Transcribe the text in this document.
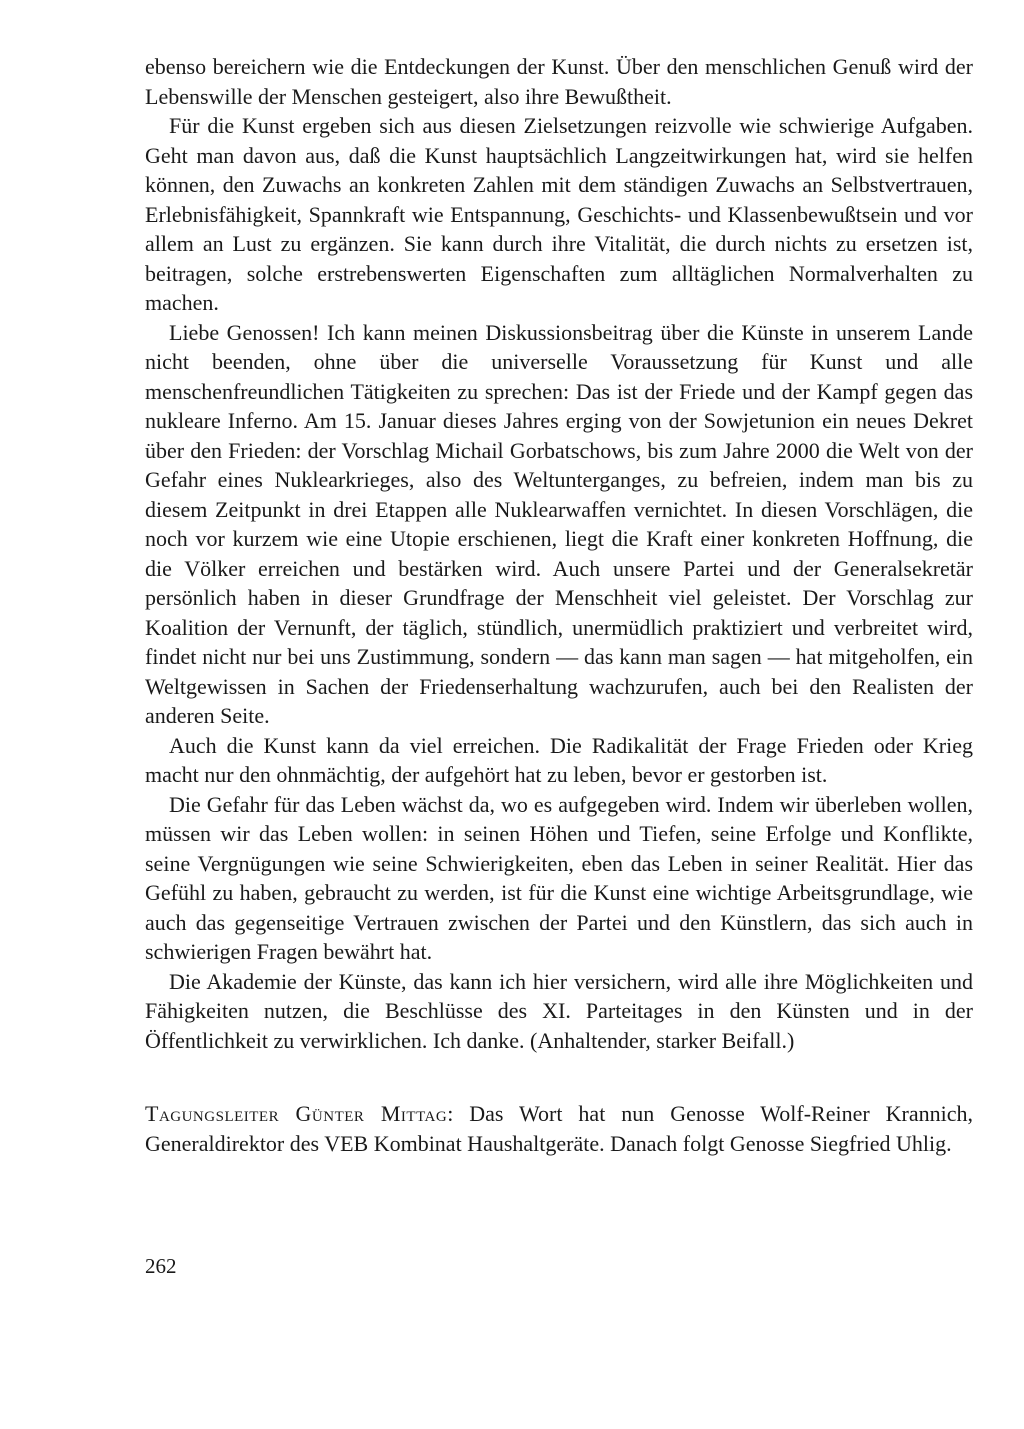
ebenso bereichern wie die Entdeckungen der Kunst. Über den menschlichen Genuß wird der Lebenswille der Menschen gesteigert, also ihre Bewußtheit.

Für die Kunst ergeben sich aus diesen Zielsetzungen reizvolle wie schwierige Aufgaben. Geht man davon aus, daß die Kunst hauptsächlich Langzeitwirkungen hat, wird sie helfen können, den Zuwachs an konkreten Zahlen mit dem ständigen Zuwachs an Selbstvertrauen, Erlebnisfähigkeit, Spannkraft wie Entspannung, Geschichts- und Klassenbewußtsein und vor allem an Lust zu ergänzen. Sie kann durch ihre Vitalität, die durch nichts zu ersetzen ist, beitragen, solche erstrebenswerten Eigenschaften zum alltäglichen Normalverhalten zu machen.

Liebe Genossen! Ich kann meinen Diskussionsbeitrag über die Künste in unserem Lande nicht beenden, ohne über die universelle Voraussetzung für Kunst und alle menschenfreundlichen Tätigkeiten zu sprechen: Das ist der Friede und der Kampf gegen das nukleare Inferno. Am 15. Januar dieses Jahres erging von der Sowjetunion ein neues Dekret über den Frieden: der Vorschlag Michail Gorbatschows, bis zum Jahre 2000 die Welt von der Gefahr eines Nuklearkrieges, also des Weltunterganges, zu befreien, indem man bis zu diesem Zeitpunkt in drei Etappen alle Nuklearwaffen vernichtet. In diesen Vorschlägen, die noch vor kurzem wie eine Utopie erschienen, liegt die Kraft einer konkreten Hoffnung, die die Völker erreichen und bestärken wird. Auch unsere Partei und der Generalsekretär persönlich haben in dieser Grundfrage der Menschheit viel geleistet. Der Vorschlag zur Koalition der Vernunft, der täglich, stündlich, unermüdlich praktiziert und verbreitet wird, findet nicht nur bei uns Zustimmung, sondern — das kann man sagen — hat mitgeholfen, ein Weltgewissen in Sachen der Friedenserhaltung wachzurufen, auch bei den Realisten der anderen Seite.

Auch die Kunst kann da viel erreichen. Die Radikalität der Frage Frieden oder Krieg macht nur den ohnmächtig, der aufgehört hat zu leben, bevor er gestorben ist.

Die Gefahr für das Leben wächst da, wo es aufgegeben wird. Indem wir überleben wollen, müssen wir das Leben wollen: in seinen Höhen und Tiefen, seine Erfolge und Konflikte, seine Vergnügungen wie seine Schwierigkeiten, eben das Leben in seiner Realität. Hier das Gefühl zu haben, gebraucht zu werden, ist für die Kunst eine wichtige Arbeitsgrundlage, wie auch das gegenseitige Vertrauen zwischen der Partei und den Künstlern, das sich auch in schwierigen Fragen bewährt hat.

Die Akademie der Künste, das kann ich hier versichern, wird alle ihre Möglichkeiten und Fähigkeiten nutzen, die Beschlüsse des XI. Parteitages in den Künsten und in der Öffentlichkeit zu verwirklichen. Ich danke. (Anhaltender, starker Beifall.)

Tagungsleiter Günter Mittag: Das Wort hat nun Genosse Wolf-Reiner Krannich, Generaldirektor des VEB Kombinat Haushaltgeräte. Danach folgt Genosse Siegfried Uhlig.

262
